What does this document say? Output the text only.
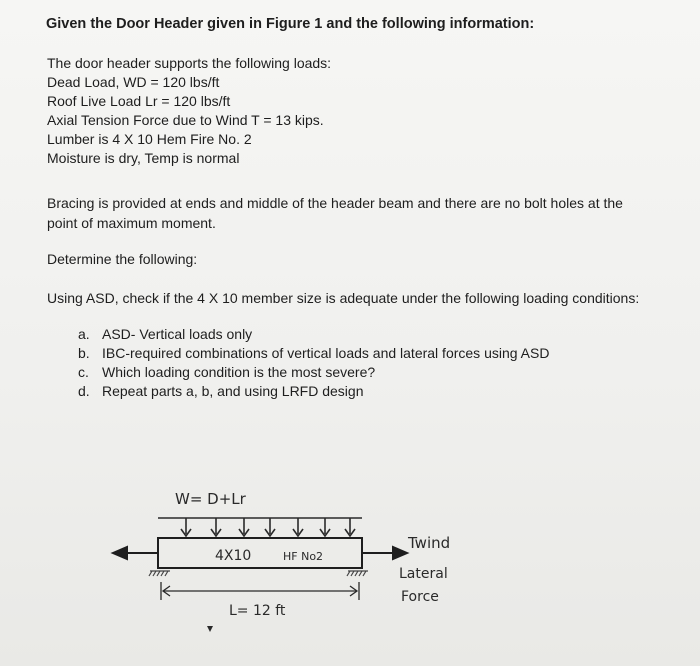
Given the Door Header given in Figure 1 and the following information:
The door header supports the following loads:
Dead Load, WD = 120 lbs/ft
Roof Live Load Lr = 120 lbs/ft
Axial Tension Force due to Wind T = 13 kips.
Lumber is 4 X 10 Hem Fire No. 2
Moisture is dry, Temp is normal
Bracing is provided at ends and middle of the header beam and there are no bolt holes at the
point of maximum moment.
Determine the following:
Using ASD, check if the 4 X 10 member size is adequate under the following loading conditions:
a. ASD- Vertical loads only
b. IBC-required combinations of vertical loads and lateral forces using ASD
c. Which loading condition is the most severe?
d. Repeat parts a, b, and using LRFD design
W= D+Lr
4X10	HF No2
L= 12 ft
Twind
Lateral
Force
